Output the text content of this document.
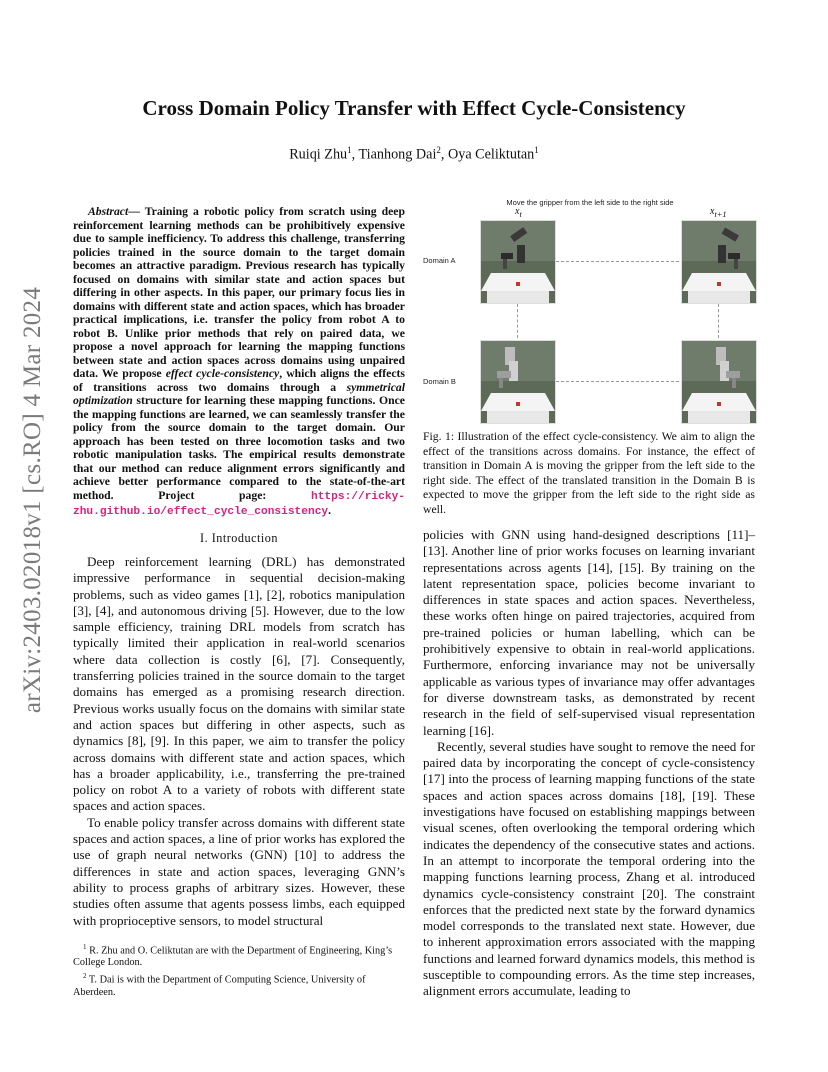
arXiv:2403.02018v1 [cs.RO] 4 Mar 2024
Cross Domain Policy Transfer with Effect Cycle-Consistency
Ruiqi Zhu$^1$, Tianhong Dai$^2$, Oya Celiktutan$^1$
Abstract— Training a robotic policy from scratch using deep reinforcement learning methods can be prohibitively expensive due to sample inefficiency. To address this challenge, transferring policies trained in the source domain to the target domain becomes an attractive paradigm. Previous research has typically focused on domains with similar state and action spaces but differing in other aspects. In this paper, our primary focus lies in domains with different state and action spaces, which has broader practical implications, i.e. transfer the policy from robot A to robot B. Unlike prior methods that rely on paired data, we propose a novel approach for learning the mapping functions between state and action spaces across domains using unpaired data. We propose effect cycle-consistency, which aligns the effects of transitions across two domains through a symmetrical optimization structure for learning these mapping functions. Once the mapping functions are learned, we can seamlessly transfer the policy from the source domain to the target domain. Our approach has been tested on three locomotion tasks and two robotic manipulation tasks. The empirical results demonstrate that our method can reduce alignment errors significantly and achieve better performance compared to the state-of-the-art method. Project page: https://ricky-zhu.github.io/effect_cycle_consistency.
I. Introduction

Deep reinforcement learning (DRL) has demonstrated impressive performance in sequential decision-making problems, such as video games [1], [2], robotics manipulation [3], [4], and autonomous driving [5]. However, due to the low sample efficiency, training DRL models from scratch has typically limited their application in real-world scenarios where data collection is costly [6], [7]. Consequently, transferring policies trained in the source domain to the target domains has emerged as a promising research direction. Previous works usually focus on the domains with similar state and action spaces but differing in other aspects, such as dynamics [8], [9]. In this paper, we aim to transfer the policy across domains with different state and action spaces, which has a broader applicability, i.e., transferring the pre-trained policy on robot A to a variety of robots with different state spaces and action spaces.

To enable policy transfer across domains with different state spaces and action spaces, a line of prior works has explored the use of graph neural networks (GNN) [10] to address the differences in state and action spaces, leveraging GNN’s ability to process graphs of arbitrary sizes. However, these studies often assume that agents possess limbs, each equipped with proprioceptive sensors, to model structural

$^1$ R. Zhu and O. Celiktutan are with the Department of Engineering, King’s College London.

$^2$ T. Dai is with the Department of Computing Science, University of Aberdeen.

Move the gripper from the left side to the right side
$x_t$	$x_{t+1}$
Domain A
Domain B
Fig. 1: Illustration of the effect cycle-consistency. We aim to align the effect of the transitions across domains. For instance, the effect of transition in Domain A is moving the gripper from the left side to the right side. The effect of the translated transition in the Domain B is expected to move the gripper from the left side to the right side as well.

policies with GNN using hand-designed descriptions [11]–[13]. Another line of prior works focuses on learning invariant representations across agents [14], [15]. By training on the latent representation space, policies become invariant to differences in state spaces and action spaces. Nevertheless, these works often hinge on paired trajectories, acquired from pre-trained policies or human labelling, which can be prohibitively expensive to obtain in real-world applications. Furthermore, enforcing invariance may not be universally applicable as various types of invariance may offer advantages for diverse downstream tasks, as demonstrated by recent research in the field of self-supervised visual representation learning [16].

Recently, several studies have sought to remove the need for paired data by incorporating the concept of cycle-consistency [17] into the process of learning mapping functions of the state spaces and action spaces across domains [18], [19]. These investigations have focused on establishing mappings between visual scenes, often overlooking the temporal ordering which indicates the dependency of the consecutive states and actions. In an attempt to incorporate the temporal ordering into the mapping functions learning process, Zhang et al. introduced dynamics cycle-consistency constraint [20]. The constraint enforces that the predicted next state by the forward dynamics model corresponds to the translated next state. However, due to inherent approximation errors associated with the mapping functions and learned forward dynamics models, this method is susceptible to compounding errors. As the time step increases, alignment errors accumulate, leading to
